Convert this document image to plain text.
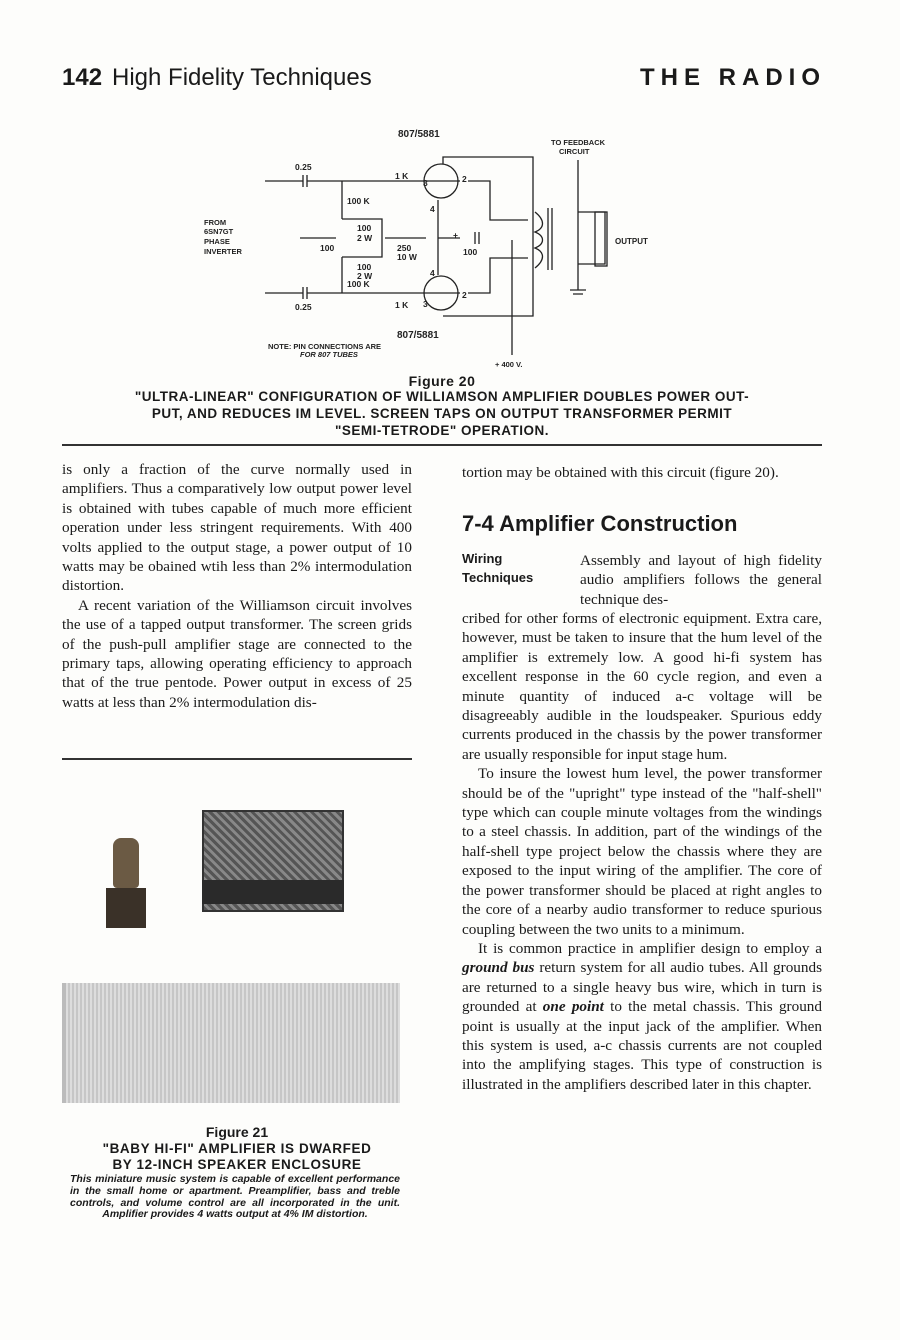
142 High Fidelity Techniques	THE RADIO
807/5881
807/5881
TO FEEDBACK
CIRCUIT
0.25
0.25
1 K
1 K
100 K
100 K
FROM
6SN7GT
PHASE
INVERTER
100
2 W
100
2 W
100	250
10 W	100
3	2
4
3
2
4
+
OUTPUT
+ 400 V.
NOTE: PIN CONNECTIONS ARE
FOR 807 TUBES
Figure 20
"ULTRA-LINEAR" CONFIGURATION OF WILLIAMSON AMPLIFIER DOUBLES POWER OUT-
PUT, AND REDUCES IM LEVEL. SCREEN TAPS ON OUTPUT TRANSFORMER PERMIT
"SEMI-TETRODE" OPERATION.

is only a fraction of the curve normally used in amplifiers. Thus a comparatively low output power level is obtained with tubes capable of much more efficient operation under less stringent requirements. With 400 volts applied to the output stage, a power output of 10 watts may be obained wtih less than 2% intermodulation distortion.

A recent variation of the Williamson circuit involves the use of a tapped output transformer. The screen grids of the push-pull amplifier stage are connected to the primary taps, allowing operating efficiency to approach that of the true pentode. Power output in excess of 25 watts at less than 2% intermodulation dis-

Figure 21
"BABY HI-FI" AMPLIFIER IS DWARFED
BY 12-INCH SPEAKER ENCLOSURE
This miniature music system is capable of excellent performance in the small home or apartment. Preamplifier, bass and treble controls, and volume control are all incorporated in the unit. Amplifier provides 4 watts output at 4% IM distortion.

tortion may be obtained with this circuit (figure 20).

7-4 Amplifier Construction
Wiring
Techniques

Assembly and layout of high fidelity audio amplifiers follows the general technique des-

cribed for other forms of electronic equipment. Extra care, however, must be taken to insure that the hum level of the amplifier is extremely low. A good hi-fi system has excellent response in the 60 cycle region, and even a minute quantity of induced a-c voltage will be disagreeably audible in the loudspeaker. Spurious eddy currents produced in the chassis by the power transformer are usually responsible for input stage hum.

To insure the lowest hum level, the power transformer should be of the "upright" type instead of the "half-shell" type which can couple minute voltages from the windings to a steel chassis. In addition, part of the windings of the half-shell type project below the chassis where they are exposed to the input wiring of the amplifier. The core of the power transformer should be placed at right angles to the core of a nearby audio transformer to reduce spurious coupling between the two units to a minimum.

It is common practice in amplifier design to employ a ground bus return system for all audio tubes. All grounds are returned to a single heavy bus wire, which in turn is grounded at one point to the metal chassis. This ground point is usually at the input jack of the amplifier. When this system is used, a-c chassis currents are not coupled into the amplifying stages. This type of construction is illustrated in the amplifiers described later in this chapter.
